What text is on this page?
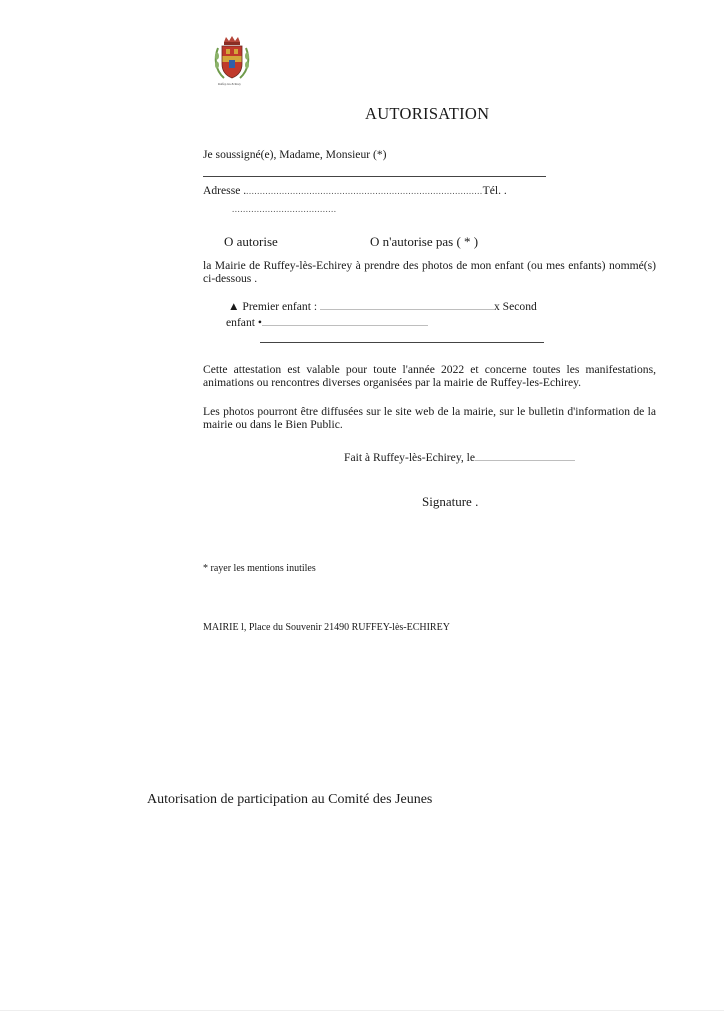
Ruffey-lès-Echirey
AUTORISATION
Je soussigné(e), Madame, Monsieur (*)
Adresse .......................................................................................Tél. .
......................................
O autorise	O n'autorise pas ( * )
la Mairie de Ruffey-lès-Echirey à prendre des photos de mon enfant (ou mes enfants) nommé(s) ci-dessous .
▲ Premier enfant : .......................................................................................x Second
enfant •...................................................................................
Cette attestation est valable pour toute l'année 2022 et concerne toutes les manifestations, animations ou rencontres diverses organisées par la mairie de Ruffey-les-Echirey.
Les photos pourront être diffusées sur le site web de la mairie, sur le bulletin d'information de la mairie ou dans le Bien Public.
Fait à Ruffey-lès-Echirey, le..................................................
Signature .
* rayer les mentions inutiles
MAIRIE l, Place du Souvenir 21490 RUFFEY-lès-ECHIREY
Autorisation de participation au Comité des Jeunes
